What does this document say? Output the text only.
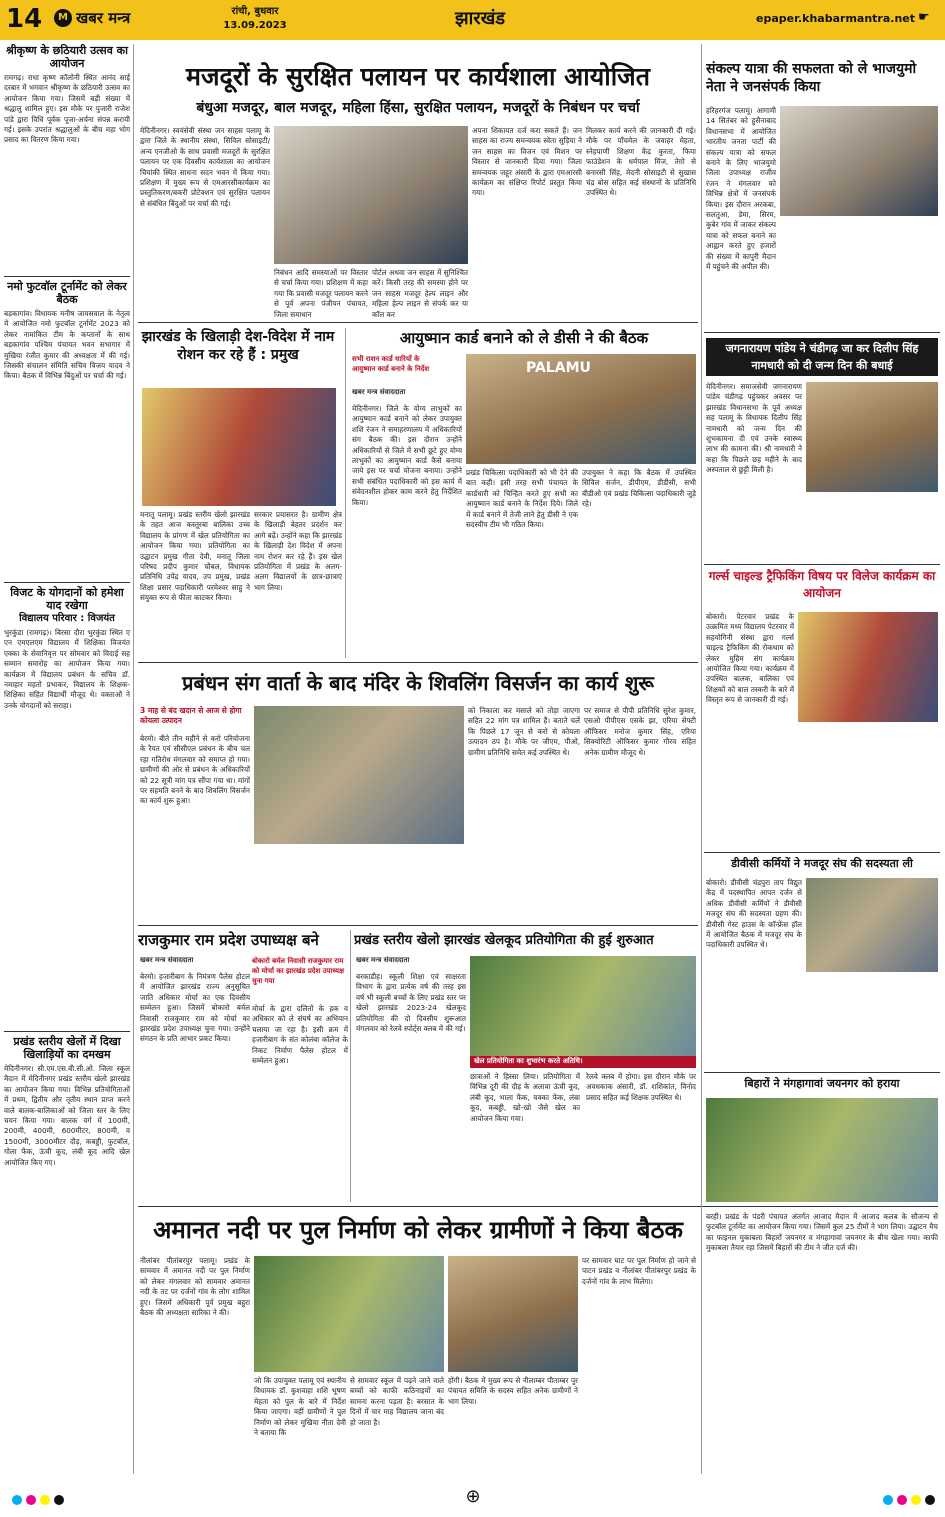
14	M खबर मन्त्र	रांची, बुधवार
13.09.2023	झारखंड	epaper.khabarmantra.net ☛
श्रीकृष्ण के छठियारी उत्सव का आयोजन
रामगढ़। राधा कृष्ण कॉलोनी स्थित आनंद साई दरबार में भगवान श्रीकृष्ण के छठियारी उत्सव का आयोजन किया गया। जिसमें बड़ी संख्या में श्रद्धालु शामिल हुए। इस मौके पर पुजारी राजेश पांडे द्वारा विधि पूर्वक पूजा-अर्चना संपन्न करायी गई। इसके उपरांत श्रद्धालुओं के बीच महा भोग प्रसाद का वितरण किया गया।
नमो फुटवॉल टूर्नामेंट को लेकर बैठक
बड़कागांव। विधायक मनीष जायसवाल के नेतृत्व में आयोजित नमो फुटबॉल टूर्नामेंट 2023 को लेकर नामांकित टीम के कप्तानों के साथ बड़कागांव पश्चिम पंचायत भवन सभागार में मुखिया रंजीत कुमार की अध्यक्षता में की गई। जिसकी संचालन संमिति सचिव विजय यादव ने किया। बैठक में विभिन्न बिंदुओं पर चर्चा की गई।
विजट के योगदानों को हमेशा याद रखेगा
विद्यालय परिवार : विजयंत
भुरकुंडा (रामगढ़)। बिरसा दौरा भुरकुंडा स्थित ए एन एमएलएम विद्यालय में शिक्षिका विजयंत एक्का के सेवानिवृत्त पर सोमवार को विदाई सह सम्मान समारोह का आयोजन किया गया। कार्यक्रम में विद्यालय प्रबंधन के सचिव डॉ. नमाहार महतो प्रभाकर, विद्यालय के शिक्षक-शिक्षिका सहित विद्यार्थी मौजूद थे। वक्ताओं ने उनके योगदानों को सराहा।
प्रखंड स्तरीय खेलों में दिखा खिलाड़ियों का दमखम
मेदिनीनगर। सी.एम.एस.बी.सी.ओ. जिला स्कूल मैदान में मेदिनीनगर प्रखंड स्तरीय खेलो झारखंड का आयोजन किया गया। विभिन्न प्रतियोगिताओं में प्रथम, द्वितीय और तृतीय स्थान प्राप्त करने वाले बालक-बालिकाओं को जिला स्तर के लिए चयन किया गया। बालक वर्ग में 100मी, 200मी, 400मी, 600मीटर, 800मी, व 1500मी, 3000मीटर दौड़, कबड्डी, फुटबॉल, गोला फेंक, ऊंची कूद, लंबी कूद आदि खेल आयोजित किए गए।
मजदूरों के सुरक्षित पलायन पर कार्यशाला आयोजित
बंधुआ मजदूर, बाल मजदूर, महिला हिंसा, सुरक्षित पलायन, मजदूरों के निबंधन पर चर्चा
मेदिनीनगर। स्वयंसेवी संस्था जन साहस पलामू के द्वारा जिले के स्थानीय संस्था, सिविल सोसाइटी/अन्य एनजीओ के साथ प्रवासी मजदूरों के सुरक्षित पलायन पर एक दिवसीय कार्यशाला का आयोजन चियांकी स्थित साधना सदन भवन में किया गया। प्रशिक्षण में मुख्य रूप से एमआरसीकार्यक्रम का प्रस्तुतिकरण/बकरी प्रोटेक्शन एवं सुरक्षित पलायन से संबंधित बिंदुओं पर चर्चा की गई।
निबंधन आदि समस्याओं पर विस्तार से चर्चा किया गया। प्रशिक्षण में कहा गया कि प्रवासी मजदूर पलायन करने से पूर्व अपना पंजीयन पंचायत, जिला समाधान
पोर्टल अथवा जन साहस में सुनिश्चित करें। किसी तरह की समस्या होने पर जन साहस मजदूर हेल्प लाइन और महिला हेल्प लाइन से संपर्क कर या कॉल कर
अपना शिकायत दर्ज करा सकते हैं। जन साहस का राज्य समन्वयक स्वेता सुड़िया ने जन साहस का विजन एवं मिशन पर विस्तार से जानकारी दिया गया। जिला समन्वयक जहूर अंसारी के द्वारा एमआरसी कार्यक्रम का संक्षिप्त रिपोर्ट प्रस्तुत किया गया।
मिलकर कार्य करने की जानकारी दी गई। मौके पर पाँचमेल के जवाहर मेहता, स्नेहपाणी शिक्षण केंद्र कुरता, फिया फाउंडेशन के धर्मपाल मिंज, तेग़ो से बनारसी सिंह, मेदनी सोसाइटी से सुखास चंद्र बोस सहित कई संस्थानों के प्रतिनिधि उपस्थित थे।
झारखंड के खिलाड़ी देश-विदेश में नाम रोशन कर रहे हैं : प्रमुख
मनातू पलामू। प्रखंड स्तरीय खेलो झारखंड के तहत आज कस्तूरबा बालिका उच्च विद्यालय के प्रांगण में खेल प्रतियोगिता का आयोजन किया गया। प्रतियोगिता का उद्घाटन प्रमुख गीता देवी, मनातू जिला परिषद प्रदीप कुमार चौबल, विधायक प्रतिनिधि उपेंद्र यादव, उप प्रमुख, प्रखंड शिक्षा प्रसार पदाधिकारी परमेश्वर साहु ने संयुक्त रूप से फीता काटकर किया।
सरकार प्रयासरत है। ग्रामीण क्षेत्र के खिलाड़ी बेहतर प्रदर्शन कर आगे बढ़ें। उन्होंने कहा कि झारखंड के खिलाड़ी देश विदेश में अपना नाम रोशन कर रहे हैं। इस खेल प्रतियोगिता में प्रखंड के अलग-अलग विद्यालयों के छात्र-छात्राएं भाग लिया।
आयुष्मान कार्ड बनाने को ले डीसी ने की बैठक
सभी राशन कार्ड धारियों के
आयुष्मान कार्ड बनाने के निर्देश
खबर मन्त्र संवाददाता
मेदिनीनगर। जिले के योग्य लाभुकों का आयुष्मान कार्ड बनाने को लेकर उपायुक्त शशि रंजन ने समाहरणालय में अधिकारियों संग बैठक की। इस दौरान उन्होंने अधिकारियों से जिले में सभी छूटे हुए योग्य लाभुकों का आयुष्मान कार्ड कैसे बनाया जाये इस पर चर्चा योजना बनाया। उन्होंने सभी संबंधित पदाधिकारी को इस कार्य में संवेदनशील होकर काम करने हेतु निर्देशित किया।
PALAMU
प्रखंड चिकित्सा पदाधिकारी को भी देने की बात कही। इसी तरह सभी पंचायत के कार्डधारी को चिन्हित करते हुए सभी का आयुष्मान कार्ड बनाने के निर्देश दिये। जिले में कार्ड बनाने में तेजी लाने हेतु डीसी ने एक सदस्यीय टीम भी गठित किया।
उपायुक्त ने कहा कि बैठक में उपस्थित सिविल सर्जन, डीपीएम, डीडीसी, सभी बीडीओ एवं प्रखंड चिकित्सा पदाधिकारी जुड़े रहे।
प्रबंधन संग वार्ता के बाद मंदिर के शिवलिंग विसर्जन का कार्य शुरू
3 माह से बंद खदान से आज से होगा कोयला उत्पादन
बेरमो। बीते तीन महीने से करो परियोजना के रैयत एवं सीसीएल प्रबंधन के बीच चल रहा गतिरोध मंगलवार को समाप्त हो गया। ग्रामीणों की ओर से प्रबंधन के अधिकारियों को 22 सूत्री मांग पत्र सौंपा गया था। मांगों पर सहमति बनने के बाद शिवलिंग विसर्जन का कार्य शुरू हुआ।
को निकाला कर मसाले को तोड़ा जाएगा सहित 22 मांग पत्र शामिल हैं। बताते चलें कि पिछले 17 जून से करो से कोयला उत्पादन ठप है। मौके पर जीएम, पीओ, ग्रामीण प्रतिनिधि समेत कई उपस्थित थे।
पर समाज से पीपी प्रतिनिधि सुरेश कुमार, एसओ पीपीएस एसके झा, एरिया सेफ्टी ऑफिसर मनोज कुमार सिंह, एरिया सिक्योरिटी ऑफिसर कुमार गौरव सहित अनेक ग्रामीण मौजूद थे।
राजकुमार राम प्रदेश उपाध्यक्ष बने
बोकारो बर्मल निवासी राजकुमार राम को मोर्चा का झारखंड प्रदेश उपाध्यक्ष चुना गया
खबर मन्त्र संवाददाता
बेरमो। हजारीबाग के निमंत्रण पैलेस होटल में आयोजित झारखंड राज्य अनुसूचित जाति अधिकार मोर्चा का एक दिवसीय सम्मेलन हुआ। जिसमें बोकारो बर्मल निवासी राजकुमार राम को मोर्चा का झारखंड प्रदेश उपाध्यक्ष चुना गया। उन्होंने संगठन के प्रति आभार प्रकट किया।
मोर्चा के द्वारा दलितों के हक व अधिकार को ले संघर्ष का अभियान चलाया जा रहा है। इसी क्रम में हजारीबाग के संत कोलंबा कॉलेज के निकट निर्माण पैलेस होटल में सम्मेलन हुआ।
प्रखंड स्तरीय खेलो झारखंड खेलकूद प्रतियोगिता की हुई शुरुआत
खबर मन्त्र संवाददाता
बरकाडीह। स्कूली शिक्षा एवं साक्षरता विभाग के द्वारा प्रत्येक वर्ष की तरह इस वर्ष भी स्कूली बच्चों के लिए प्रखंड स्तर पर खेलो झारखंड 2023-24 खेलकूद प्रतियोगिता की दो दिवसीय शुरूआत मंगलवार को रेलवे स्पोर्ट्स क्लब में की गई।
खेल प्रतियोगिता का शुभारंभ करते अतिथि।
छात्राओं ने हिस्सा लिया। प्रतियोगिता में विभिन्न दूरी की दौड़ के अलावा ऊंची कूद, लंबी कूद, भाला फेंक, चक्का फेंक, लंबा कूद, कबड्डी, खो-खो जैसे खेल का आयोजन किया गया।
रेलवे क्लब में होगा। इस दौरान मौके पर अवधकाक अंसारी, डॉ. शशिकांत, विनोद प्रसाद सहित कई शिक्षक उपस्थित थे।
अमानत नदी पर पुल निर्माण को लेकर ग्रामीणों ने किया बैठक
नीलांबर पीतांबरपुर पलामू। प्रखंड के सामवार में अमानत नदी पर पुल निर्माण को लेकर मंगलवार को सामवार अमानत नदी के तट पर दर्जनों गांव के लोग शामिल हुए। जिसमें अधिकारी पूर्व प्रमुख बहुरा बैठक की अध्यक्षता सारिका ने की।
जो कि उपायुक्त पलामू एवं स्थानीय विधायक डॉ. कुशवाहा शशि भूषण मेहता को पुल के बारे में निर्देश किया जाएगा। वहीं ग्रामीणों ने पुल निर्माण को लेकर मुखिया नीता देवी ने बताया कि
से सामवार स्कूल में पढ़ने जाने वाले बच्चों को काफी कठिनाइयों का सामना करना पड़ता है। बरसात के दिनों में चार माह विद्यालय जाना बंद हो जाता है।
होंगी। बैठक में मुख्य रूप से नीलाम्बर पीताम्बर पुर पंचायत समिति के सदस्य सहित अनेक ग्रामीणों ने भाग लिया।
पर सामवार घाट पर पुल निर्माण हो जाने से पाटन प्रखंड व नीलांबर पीतांबरपुर प्रखंड के दर्जनों गांव के लाभ मिलेगा।
संकल्प यात्रा की सफलता को ले भाजयुमो नेता ने जनसंपर्क किया
हरिहरगंज पलामू। आगामी 14 सितंबर को हुसैनाबाद विधानसभा में आयोजित भारतीय जनता पार्टी की संकल्प यात्रा को सफल बनाने के लिए भाजयुमो जिला उपाध्यक्ष राजीव रंजन ने मंगलवार को विभिन्न क्षेत्रों में जनसंपर्क किया। इस दौरान अरकबा, सलतुआ, डेमा, सिरम, कुबेर गांव में जाकर संकल्प यात्रा को सफल बनाने का आह्वान करते हुए हजारों की संख्या में कापुरी मैदान में पहुंचने की अपील की।
जगनारायण पांडेय ने चंडीगढ़ जा कर दिलीप सिंह नामधारी को दी जन्म दिन की बधाई
मेदिनीनगर। समाजसेवी जगनारायण पांडेय चंडीगढ़ पहुंचकर अवसर पर झारखंड विधानसभा के पूर्व अध्यक्ष सह पलामू के विधायक दिलीप सिंह नामधारी को जन्म दिन की शुभकामना दी एवं उनके स्वास्थ्य लाभ की कामना की। श्री नामधारी ने कहा कि पिछले छह महीने के बाद अस्पताल से छुट्टी मिली है।
गर्ल्स चाइल्ड ट्रैफिकिंग विषय पर विलेज कार्यक्रम का आयोजन
बोकारो। पेटरवार प्रखंड के उत्क्रमित मध्य विद्यालय पेटरवार में सहयोगिनी संस्था द्वारा गर्ल्स चाइल्ड ट्रैफिकिंग की रोकथाम को लेकर मुहिम संग कार्यक्रम आयोजित किया गया। कार्यक्रम में उपस्थित बालक, बालिका एवं शिक्षकों को बाल तस्करी के बारे में विस्तृत रूप से जानकारी दी गई।
डीवीसी कर्मियों ने मजदूर संघ की सदस्यता ली
बोकारो। डीवीसी चंद्रपुरा ताप विद्युत केंद्र में पदस्थापित आपत दर्जन से अधिक डीवीसी कर्मियों ने डीवीसी मजदूर संघ की सदस्यता ग्रहण की। डीवीसी गेस्ट हाउस के कॉन्फ्रेंस हॉल में आयोजित बैठक में मजदूर संघ के पदाधिकारी उपस्थित थे।
बिहारों ने मंगहागावां जयनगर को हराया
बरही। प्रखंड के पंडरी पंचायत अंतर्गत आजाद मैदान में आजाद कलब के सौजन्य से फुटबॉल टूर्नामेंट का आयोजन किया गया। जिसमें कुल 25 टीमों ने भाग लिया। उद्घाटन मैच का फाइनल मुकाबला बिहारों जयनगर व मंगहागावां जयनगर के बीच खेला गया। काफी मुकाबला तैयार रहा जिसमें बिहारों की टीम ने जीत दर्ज की।
⊕
